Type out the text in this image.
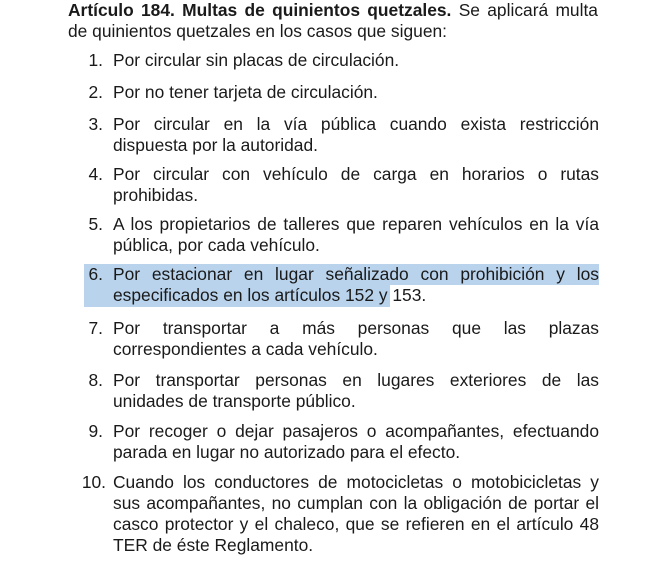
Artículo 184. Multas de quinientos quetzales. Se aplicará multa de quinientos quetzales en los casos que siguen:
1. Por circular sin placas de circulación.
2. Por no tener tarjeta de circulación.
3. Por circular en la vía pública cuando exista restricción dispuesta por la autoridad.
4. Por circular con vehículo de carga en horarios o rutas prohibidas.
5. A los propietarios de talleres que reparen vehículos en la vía pública, por cada vehículo.
6. Por estacionar en lugar señalizado con prohibición y los especificados en los artículos 152 y 153.
7. Por transportar a más personas que las plazas correspondientes a cada vehículo.
8. Por transportar personas en lugares exteriores de las unidades de transporte público.
9. Por recoger o dejar pasajeros o acompañantes, efectuando parada en lugar no autorizado para el efecto.
10. Cuando los conductores de motocicletas o motobicicletas y sus acompañantes, no cumplan con la obligación de portar el casco protector y el chaleco, que se refieren en el artículo 48 TER de éste Reglamento.
